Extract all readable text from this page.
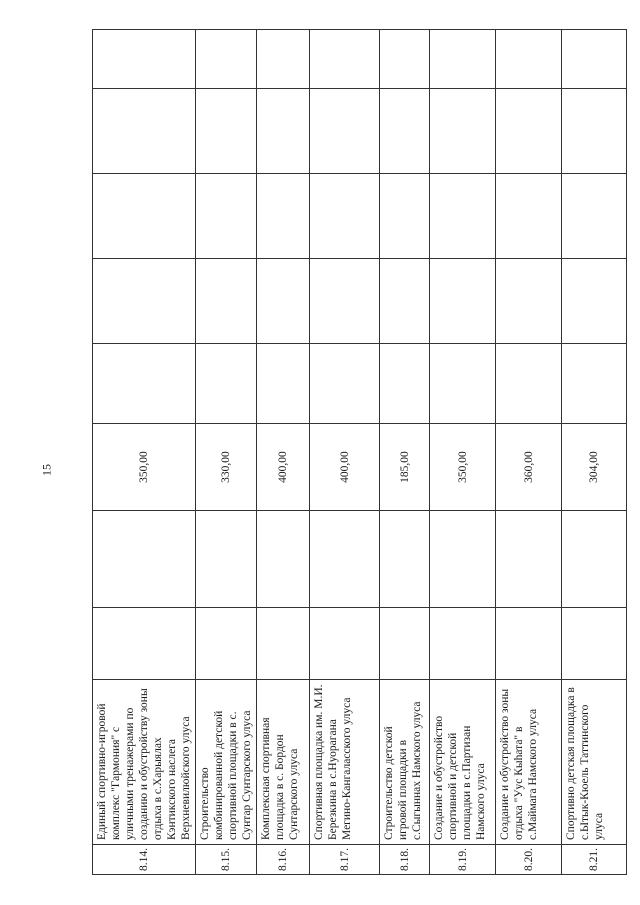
15
8.14.	Единый спортивно-игровой комплекс "Гармония" с уличными тренажерами по созданию и обустройству зоны отдыха в с.Харыялах Кэнтикского наслега Верхневилюйского улуса			350,00					
8.15.	Строительство комбинированной детской спортивной площадки в с. Сунтар Сунтарского улуса			330,00					
8.16.	Комплексная спортивная площадка в с. Бордон Сунтарского улуса			400,00					
8.17.	Спортивная площадка им. М.И. Березкина в с.Нуорагана Мегино-Кангаласского улуса			400,00					
8.18.	Строительство детской игровой площадки в с.Сыгыннах Намского улуса			185,00					
8.19.	Создание и обустройство спортивной и детской площадки в с.Партизан Намского улуса			350,00					
8.20.	Создание и обустройство зоны отдыха "Уус Кыhата" в с.Маймага Намского улуса			360,00					
8.21.	Спортивно детская площадка в с.Ытык-Кюель Таттинского улуса			304,00					
